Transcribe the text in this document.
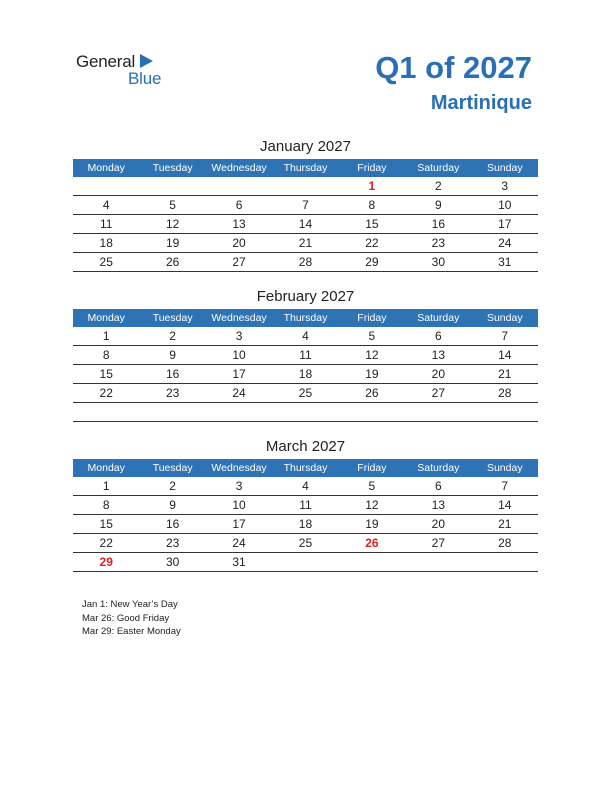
General
Blue	Q1 of 2027
Martinique
January 2027
Monday	Tuesday	Wednesday	Thursday	Friday	Saturday	Sunday
				1	2	3
4	5	6	7	8	9	10
11	12	13	14	15	16	17
18	19	20	21	22	23	24
25	26	27	28	29	30	31
February 2027
Monday	Tuesday	Wednesday	Thursday	Friday	Saturday	Sunday
1	2	3	4	5	6	7
8	9	10	11	12	13	14
15	16	17	18	19	20	21
22	23	24	25	26	27	28

March 2027
Monday	Tuesday	Wednesday	Thursday	Friday	Saturday	Sunday
1	2	3	4	5	6	7
8	9	10	11	12	13	14
15	16	17	18	19	20	21
22	23	24	25	26	27	28
29	30	31				
Jan 1: New Year’s Day
Mar 26: Good Friday
Mar 29: Easter Monday
